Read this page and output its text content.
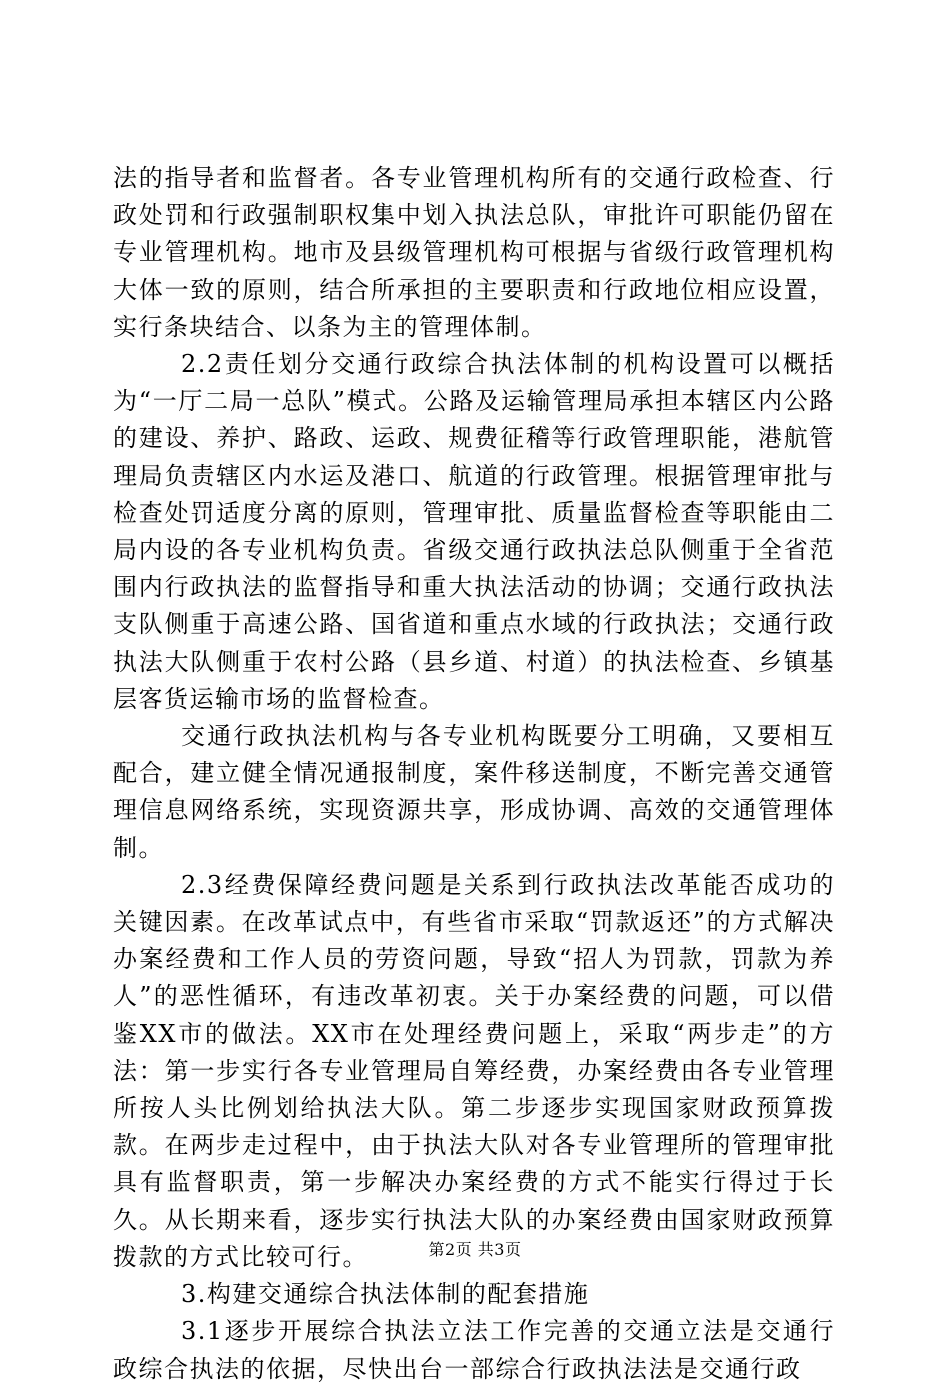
法的指导者和监督者。各专业管理机构所有的交通行政检查、行政处罚和行政强制职权集中划入执法总队，审批许可职能仍留在专业管理机构。地市及县级管理机构可根据与省级行政管理机构大体一致的原则，结合所承担的主要职责和行政地位相应设置，实行条块结合、以条为主的管理体制。

2.2责任划分交通行政综合执法体制的机构设置可以概括为“一厅二局一总队”模式。公路及运输管理局承担本辖区内公路的建设、养护、路政、运政、规费征稽等行政管理职能，港航管理局负责辖区内水运及港口、航道的行政管理。根据管理审批与检查处罚适度分离的原则，管理审批、质量监督检查等职能由二局内设的各专业机构负责。省级交通行政执法总队侧重于全省范围内行政执法的监督指导和重大执法活动的协调；交通行政执法支队侧重于高速公路、国省道和重点水域的行政执法；交通行政执法大队侧重于农村公路（县乡道、村道）的执法检查、乡镇基层客货运输市场的监督检查。

交通行政执法机构与各专业机构既要分工明确，又要相互配合，建立健全情况通报制度，案件移送制度，不断完善交通管理信息网络系统，实现资源共享，形成协调、高效的交通管理体制。

2.3经费保障经费问题是关系到行政执法改革能否成功的关键因素。在改革试点中，有些省市采取“罚款返还”的方式解决办案经费和工作人员的劳资问题，导致“招人为罚款，罚款为养人”的恶性循环，有违改革初衷。关于办案经费的问题，可以借鉴XX市的做法。XX市在处理经费问题上，采取“两步走”的方法：第一步实行各专业管理局自筹经费，办案经费由各专业管理所按人头比例划给执法大队。第二步逐步实现国家财政预算拨款。在两步走过程中，由于执法大队对各专业管理所的管理审批具有监督职责，第一步解决办案经费的方式不能实行得过于长久。从长期来看，逐步实行执法大队的办案经费由国家财政预算拨款的方式比较可行。

3.构建交通综合执法体制的配套措施

3.1逐步开展综合执法立法工作完善的交通立法是交通行政综合执法的依据，尽快出台一部综合行政执法法是交通行政

第2页 共3页
